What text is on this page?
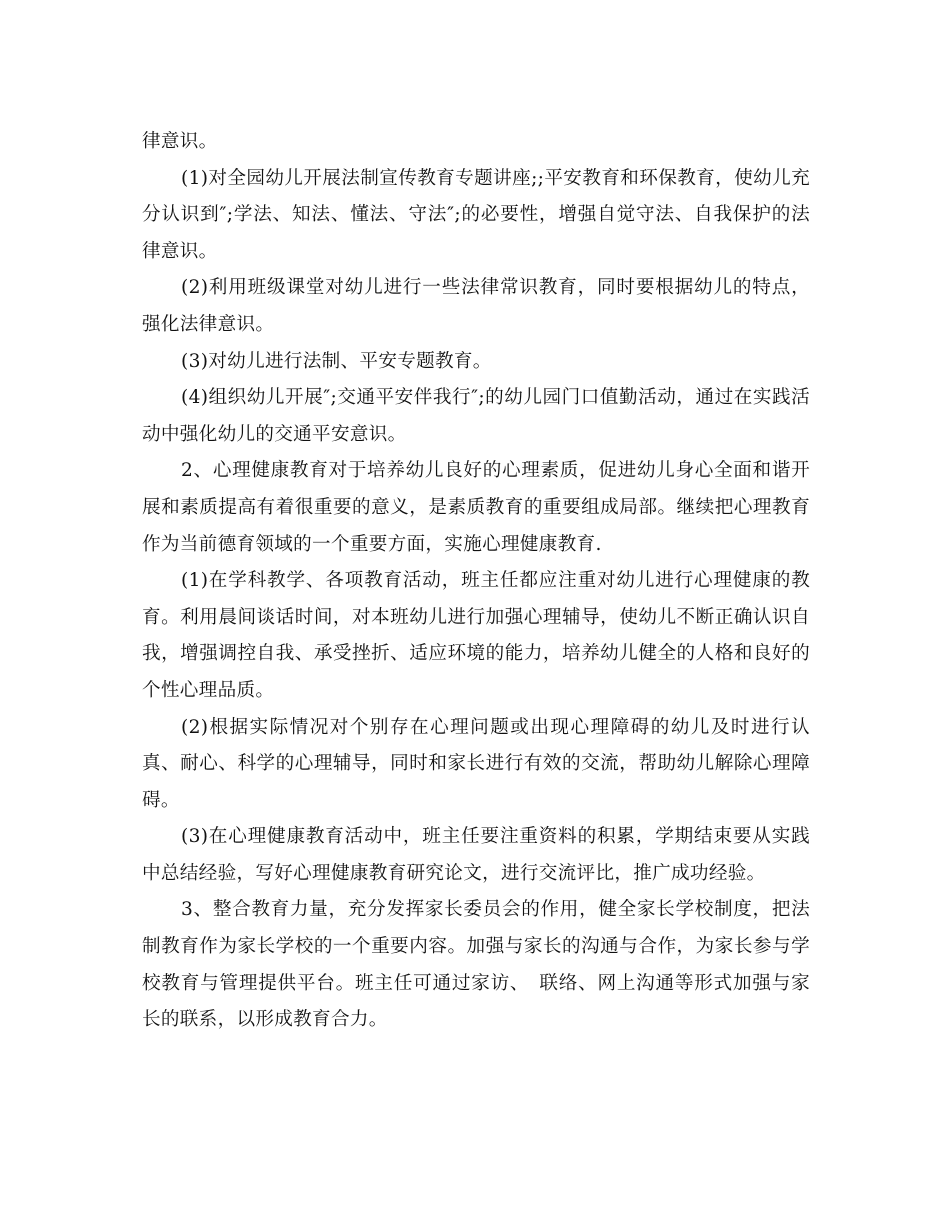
律意识。

(1)对全园幼儿开展法制宣传教育专题讲座;;平安教育和环保教育，使幼儿充分认识到″;学法、知法、懂法、守法″;的必要性，增强自觉守法、自我保护的法律意识。

(2)利用班级课堂对幼儿进行一些法律常识教育，同时要根据幼儿的特点，强化法律意识。

(3)对幼儿进行法制、平安专题教育。

(4)组织幼儿开展″;交通平安伴我行″;的幼儿园门口值勤活动，通过在实践活动中强化幼儿的交通平安意识。

2、心理健康教育对于培养幼儿良好的心理素质，促进幼儿身心全面和谐开展和素质提高有着很重要的意义，是素质教育的重要组成局部。继续把心理教育作为当前德育领域的一个重要方面，实施心理健康教育.

(1)在学科教学、各项教育活动，班主任都应注重对幼儿进行心理健康的教育。利用晨间谈话时间，对本班幼儿进行加强心理辅导，使幼儿不断正确认识自我，增强调控自我、承受挫折、适应环境的能力，培养幼儿健全的人格和良好的个性心理品质。

(2)根据实际情况对个别存在心理问题或出现心理障碍的幼儿及时进行认真、耐心、科学的心理辅导，同时和家长进行有效的交流，帮助幼儿解除心理障碍。

(3)在心理健康教育活动中，班主任要注重资料的积累，学期结束要从实践中总结经验，写好心理健康教育研究论文，进行交流评比，推广成功经验。

3、整合教育力量，充分发挥家长委员会的作用，健全家长学校制度，把法制教育作为家长学校的一个重要内容。加强与家长的沟通与合作，为家长参与学校教育与管理提供平台。班主任可通过家访、　联络、网上沟通等形式加强与家长的联系，以形成教育合力。
